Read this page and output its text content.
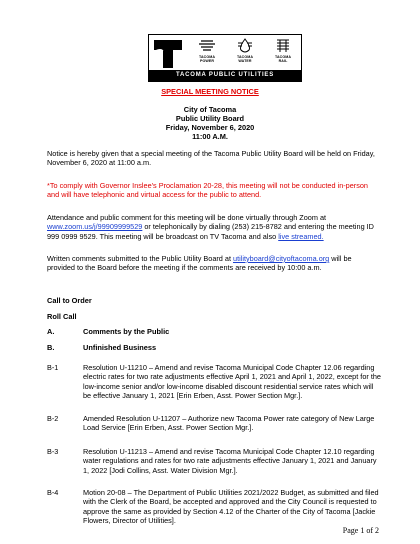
TACOMA
POWER
TACOMA
WATER
TACOMA
RAIL
TACOMA PUBLIC UTILITIES
SPECIAL MEETING NOTICE
City of Tacoma
Public Utility Board
Friday, November 6, 2020
11:00 A.M.
Notice is hereby given that a special meeting of the Tacoma Public Utility Board will be held on Friday, November 6, 2020 at 11:00 a.m.
*To comply with Governor Inslee's Proclamation 20-28, this meeting will not be conducted in-person and will have telephonic and virtual access for the public to attend.
Attendance and public comment for this meeting will be done virtually through Zoom at www.zoom.us/j/99909999529 or telephonically by dialing (253) 215-8782 and entering the meeting ID 999 0999 9529. This meeting will be broadcast on TV Tacoma and also live streamed.
Written comments submitted to the Public Utility Board at utilityboard@cityoftacoma.org will be provided to the Board before the meeting if the comments are received by 10:00 a.m.
Call to Order
Roll Call
A.	Comments by the Public
B.	Unfinished Business
B-1	Resolution U-11210 – Amend and revise Tacoma Municipal Code Chapter 12.06 regarding electric rates for two rate adjustments effective April 1, 2021 and April 1, 2022, except for the low-income senior and/or low-income disabled discount residential service rates which will be effective January 1, 2021 [Erin Erben, Asst. Power Section Mgr.].
B-2	Amended Resolution U-11207 – Authorize new Tacoma Power rate category of New Large Load Service [Erin Erben, Asst. Power Section Mgr.].
B-3	Resolution U-11213 – Amend and revise Tacoma Municipal Code Chapter 12.10 regarding water regulations and rates for two rate adjustments effective January 1, 2021 and January 1, 2022 [Jodi Collins, Asst. Water Division Mgr.].
B-4	Motion 20-08 – The Department of Public Utilities 2021/2022 Budget, as submitted and filed with the Clerk of the Board, be accepted and approved and the City Council is requested to approve the same as provided by Section 4.12 of the Charter of the City of Tacoma [Jackie Flowers, Director of Utilities].
Page 1 of 2
